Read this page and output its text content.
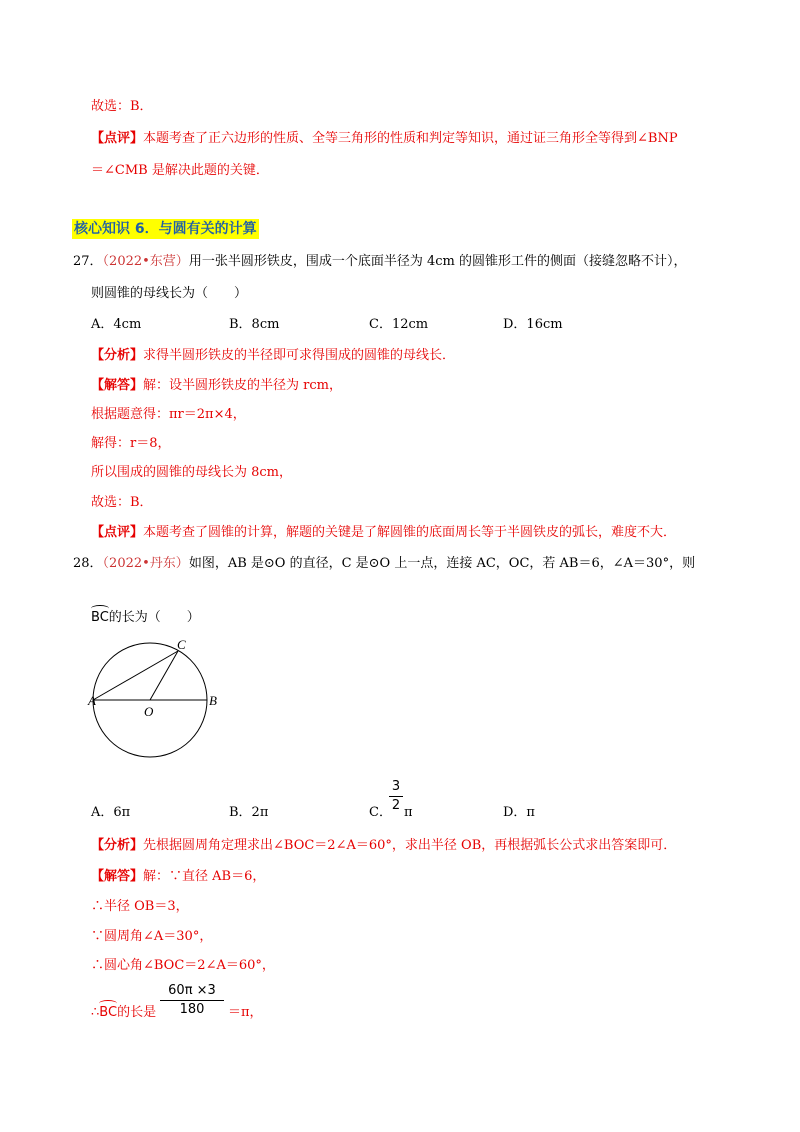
故选：B．
【点评】本题考查了正六边形的性质、全等三角形的性质和判定等知识，通过证三角形全等得到∠BNP
＝∠CMB 是解决此题的关键．
核心知识 6．与圆有关的计算
27．（2022•东营）用一张半圆形铁皮，围成一个底面半径为 4cm 的圆锥形工件的侧面（接缝忽略不计），
则圆锥的母线长为（　　）
A．4cm	B．8cm	C．12cm	D．16cm
【分析】求得半圆形铁皮的半径即可求得围成的圆锥的母线长．
【解答】解：设半圆形铁皮的半径为 rcm，
根据题意得：πr＝2π×4，
解得：r＝8，
所以围成的圆锥的母线长为 8cm，
故选：B．
【点评】本题考查了圆锥的计算，解题的关键是了解圆锥的底面周长等于半圆铁皮的弧长，难度不大．
28．（2022•丹东）如图，AB 是⊙O 的直径，C 是⊙O 上一点，连接 AC，OC，若 AB＝6，∠A＝30°，则
BC的长为（　　）
A	B
C
O
A．6π	B．2π	C．
3
2 π	D．π
【分析】先根据圆周角定理求出∠BOC＝2∠A＝60°，求出半径 OB，再根据弧长公式求出答案即可．
【解答】解：∵直径 AB＝6，
∴半径 OB＝3，
∵圆周角∠A＝30°，
∴圆心角∠BOC＝2∠A＝60°，
∴BC的长是
60π ×3
180	＝π，
